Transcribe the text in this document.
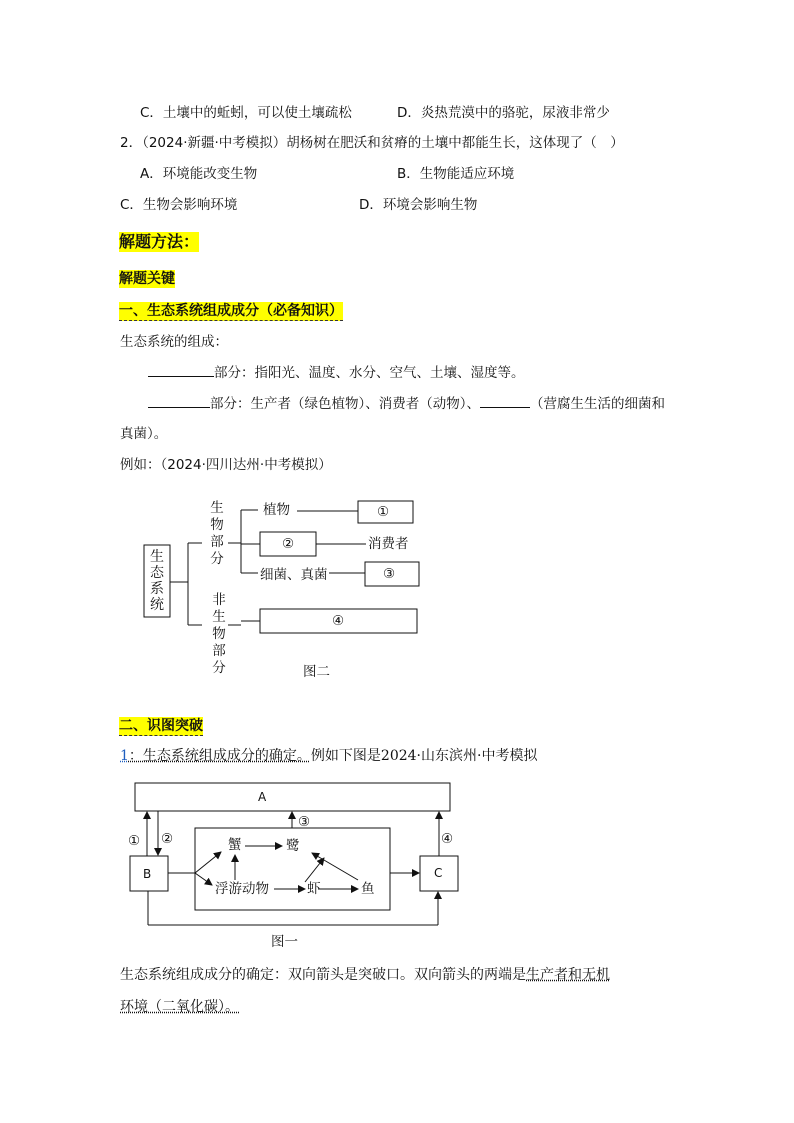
C．土壤中的蚯蚓，可以使土壤疏松	D．炎热荒漠中的骆驼，尿液非常少
2．（2024·新疆·中考模拟）胡杨树在肥沃和贫瘠的土壤中都能生长，这体现了（　）
A．环境能改变生物	B．生物能适应环境
C．生物会影响环境	D．环境会影响生物
解题方法：
解题关键
一、生态系统组成成分（必备知识）
生态系统的组成：
部分：指阳光、温度、水分、空气、土壤、湿度等。
部分：生产者（绿色植物）、消费者（动物）、	（营腐生生活的细菌和
真菌）。
例如：（2024·四川达州·中考模拟）
生态系统
生物部分
非生物部分
植物
消费者
细菌、真菌
①
②
③
④
图二
二、识图突破
1：生态系统组成成分的确定。例如下图是2024·山东滨州·中考模拟
A
B	C
① ②
③
④
蟹	鹭
浮游动物	虾	鱼
图一
生态系统组成成分的确定：双向箭头是突破口。双向箭头的两端是生产者和无机
环境（二氧化碳）。
